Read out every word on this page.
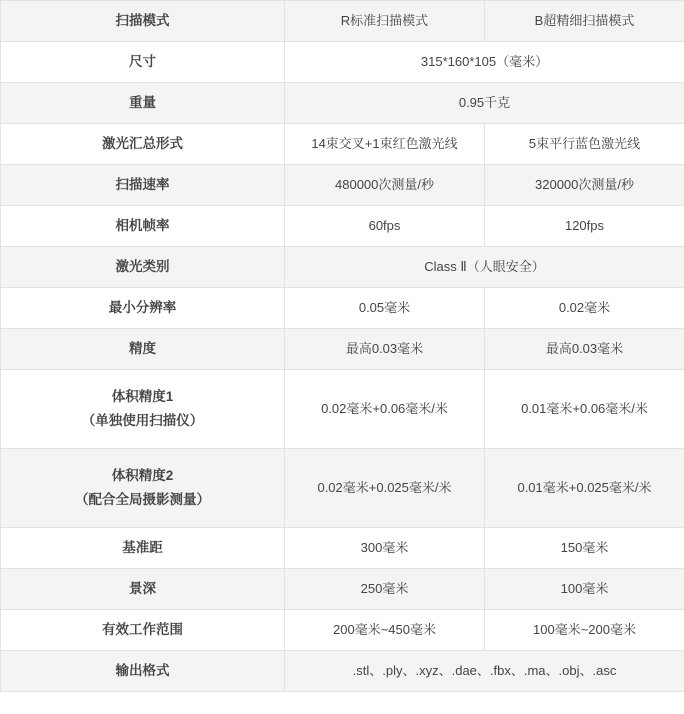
扫描模式	R标准扫描模式	B超精细扫描模式
尺寸	315*160*105（毫米）	
重量	0.95千克	
激光汇总形式	14束交叉+1束红色激光线	5束平行蓝色激光线
扫描速率	480000次测量/秒	320000次测量/秒
相机帧率	60fps	120fps
激光类别	Class Ⅱ（人眼安全）	
最小分辨率	0.05毫米	0.02毫米
精度	最高0.03毫米	最高0.03毫米
体积精度1
（单独使用扫描仪）	0.02毫米+0.06毫米/米	0.01毫米+0.06毫米/米
体积精度2
（配合全局摄影测量）	0.02毫米+0.025毫米/米	0.01毫米+0.025毫米/米
基准距	300毫米	150毫米
景深	250毫米	100毫米
有效工作范围	200毫米~450毫米	100毫米~200毫米
输出格式	.stl、.ply、.xyz、.dae、.fbx、.ma、.obj、.asc	
